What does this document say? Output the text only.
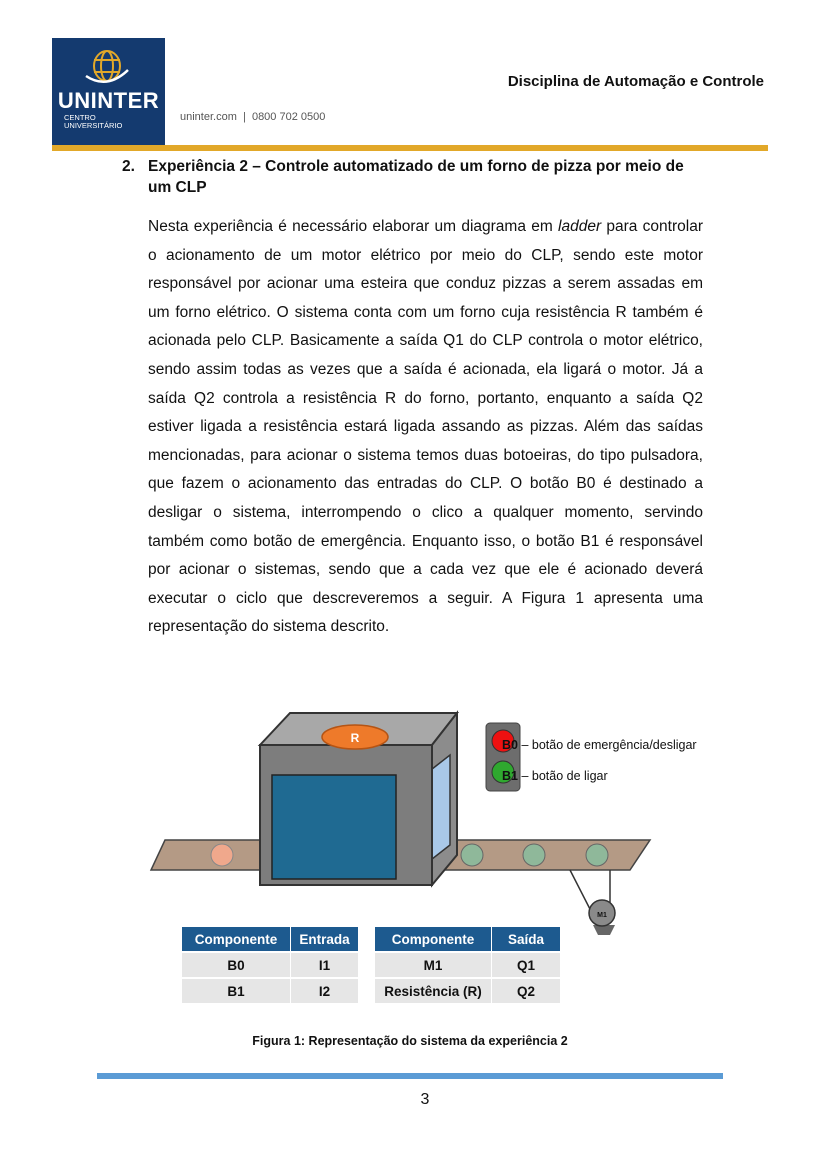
UNINTER
CENTRO
UNIVERSITÁRIO
uninter.com  |  0800 702 0500
Disciplina de Automação e Controle
2. Experiência 2 – Controle automatizado de um forno de pizza por meio de um CLP
Nesta experiência é necessário elaborar um diagrama em ladder para controlar o acionamento de um motor elétrico por meio do CLP, sendo este motor responsável por acionar uma esteira que conduz pizzas a serem assadas em um forno elétrico. O sistema conta com um forno cuja resistência R também é acionada pelo CLP. Basicamente a saída Q1 do CLP controla o motor elétrico, sendo assim todas as vezes que a saída é acionada, ela ligará o motor. Já a saída Q2 controla a resistência R do forno, portanto, enquanto a saída Q2 estiver ligada a resistência estará ligada assando as pizzas. Além das saídas mencionadas, para acionar o sistema temos duas botoeiras, do tipo pulsadora, que fazem o acionamento das entradas do CLP. O botão B0 é destinado a desligar o sistema, interrompendo o clico a qualquer momento, servindo também como botão de emergência. Enquanto isso, o botão B1 é responsável por acionar o sistemas, sendo que a cada vez que ele é acionado deverá executar o ciclo que descreveremos a seguir. A Figura 1 apresenta uma representação do sistema descrito.
R
M1
B0 – botão de emergência/desligar
B1 – botão de ligar
Componente	Entrada
B0	I1
B1	I2
Componente	Saída
M1	Q1
Resistência (R)	Q2
Figura 1: Representação do sistema da experiência 2
3
